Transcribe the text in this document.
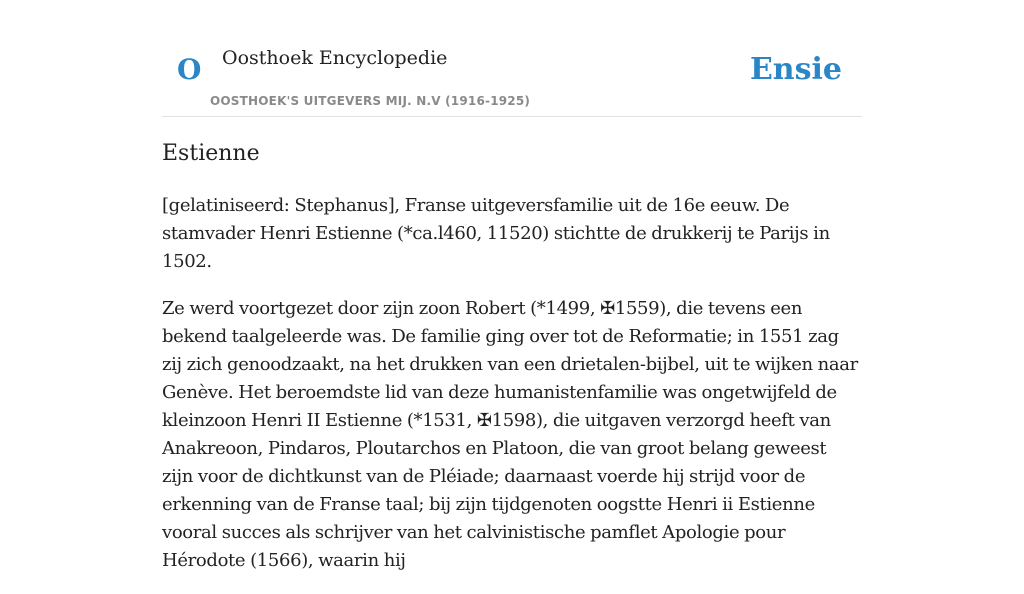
O Oosthoek Encyclopedie
OOSTHOEK'S UITGEVERS MIJ. N.V (1916-1925)
Ensie
Estienne

[gelatiniseerd: Stephanus], Franse uitgeversfamilie uit de 16e eeuw. De stamvader Henri Estienne (*ca.l460, 11520) stichtte de drukkerij te Parijs in 1502.

Ze werd voortgezet door zijn zoon Robert (*1499, ✠1559), die tevens een bekend taalgeleerde was. De familie ging over tot de Reformatie; in 1551 zag zij zich genoodzaakt, na het drukken van een drietalen-bijbel, uit te wijken naar Genève. Het beroemdste lid van deze humanistenfamilie was ongetwijfeld de kleinzoon Henri II Estienne (*1531, ✠1598), die uitgaven verzorgd heeft van Anakreoon, Pindaros, Ploutarchos en Platoon, die van groot belang geweest zijn voor de dichtkunst van de Pléiade; daarnaast voerde hij strijd voor de erkenning van de Franse taal; bij zijn tijdgenoten oogstte Henri ii Estienne vooral succes als schrijver van het calvinistische pamflet Apologie pour Hérodote (1566), waarin hij
